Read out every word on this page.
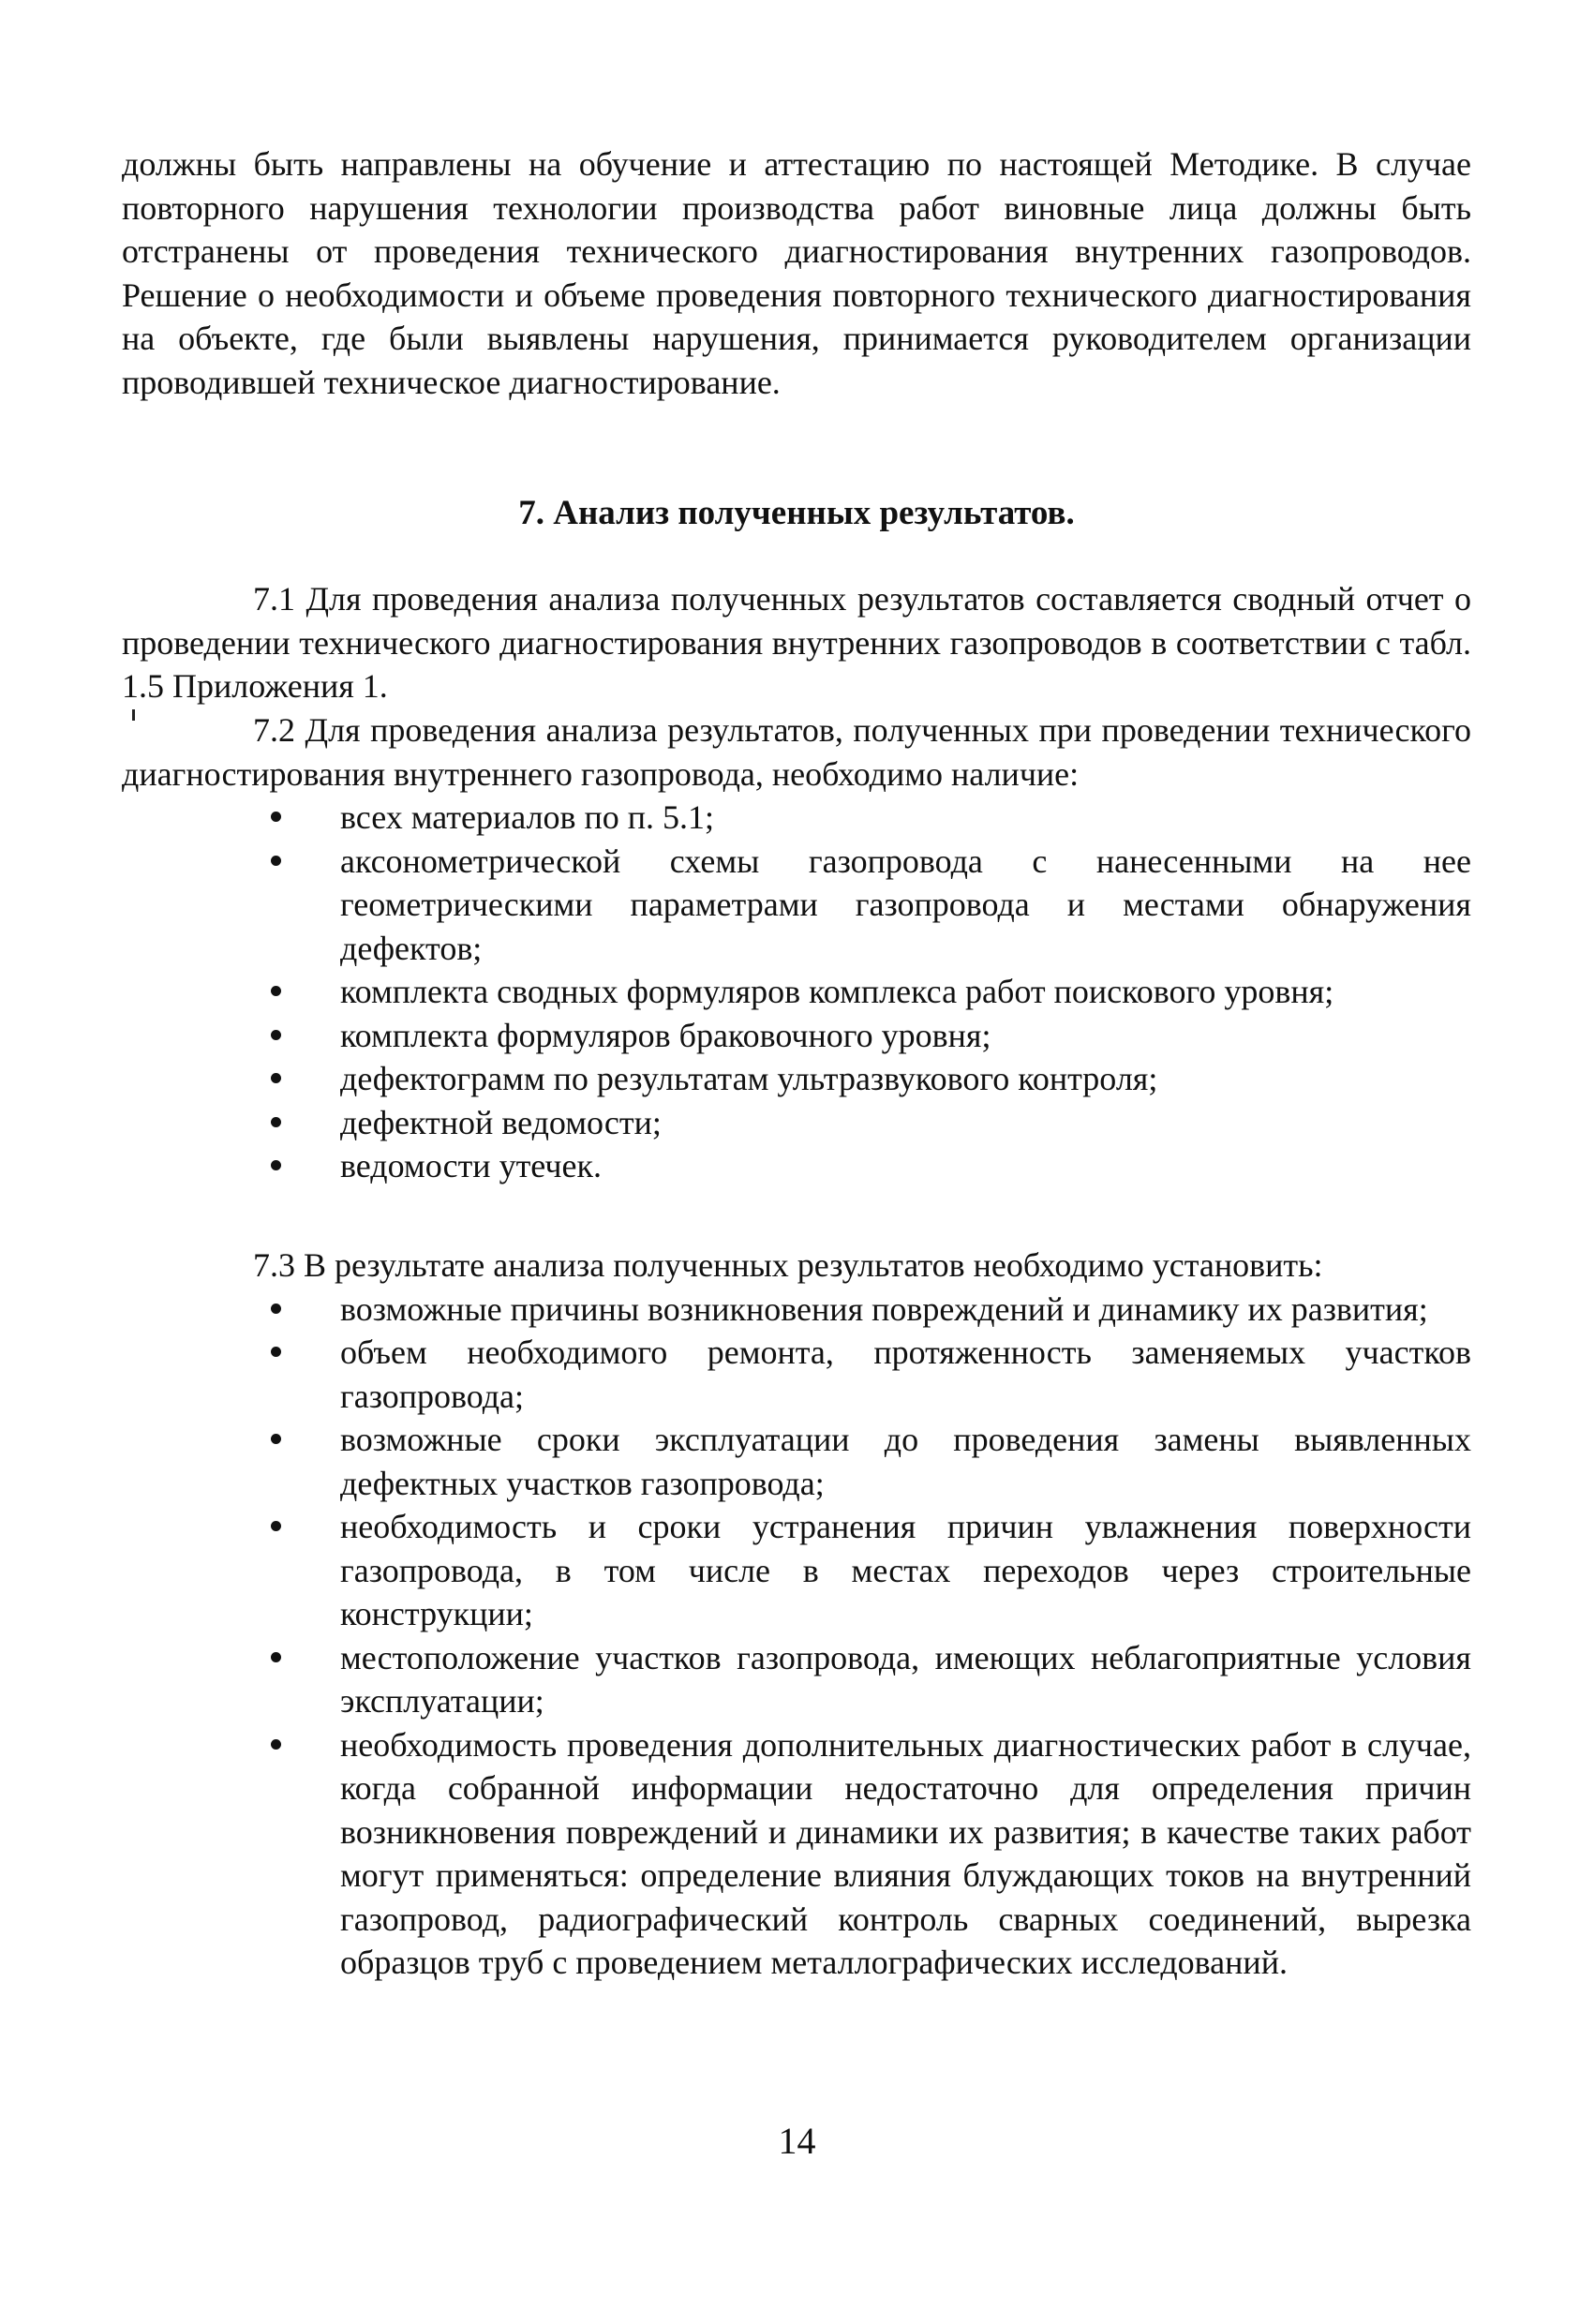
должны быть направлены на обучение и аттестацию по настоящей Методике. В случае повторного нарушения технологии производства работ виновные лица должны быть отстранены от проведения технического диагностирования внутренних газопроводов. Решение о необходимости и объеме проведения повторного технического диагностирования на объекте, где были выявлены нарушения, принимается руководителем организации проводившей техническое диагностирование.

7. Анализ полученных результатов.

7.1 Для проведения анализа полученных результатов составляется сводный отчет о проведении технического диагностирования внутренних газопроводов в соответствии с табл. 1.5 Приложения 1.

7.2 Для проведения анализа результатов, полученных при проведении технического диагностирования внутреннего газопровода, необходимо наличие:

всех материалов по п. 5.1;
аксонометрической схемы газопровода с нанесенными на нее геометрическими параметрами газопровода и местами обнаружения дефектов;
комплекта сводных формуляров комплекса работ поискового уровня;
комплекта формуляров браковочного уровня;
дефектограмм по результатам ультразвукового контроля;
дефектной ведомости;
ведомости утечек.

7.3 В результате анализа полученных результатов необходимо установить:

возможные причины возникновения повреждений и динамику их развития;
объем необходимого ремонта, протяженность заменяемых участков газопровода;
возможные сроки эксплуатации до проведения замены выявленных дефектных участков газопровода;
необходимость и сроки устранения причин увлажнения поверхности газопровода, в том числе в местах переходов через строительные конструкции;
местоположение участков газопровода, имеющих неблагоприятные условия эксплуатации;
необходимость проведения дополнительных диагностических работ в случае, когда собранной информации недостаточно для определения причин возникновения повреждений и динамики их развития; в качестве таких работ могут применяться: определение влияния блуждающих токов на внутренний газопровод, радиографический контроль сварных соединений, вырезка образцов труб с проведением металлографических исследований.
14
